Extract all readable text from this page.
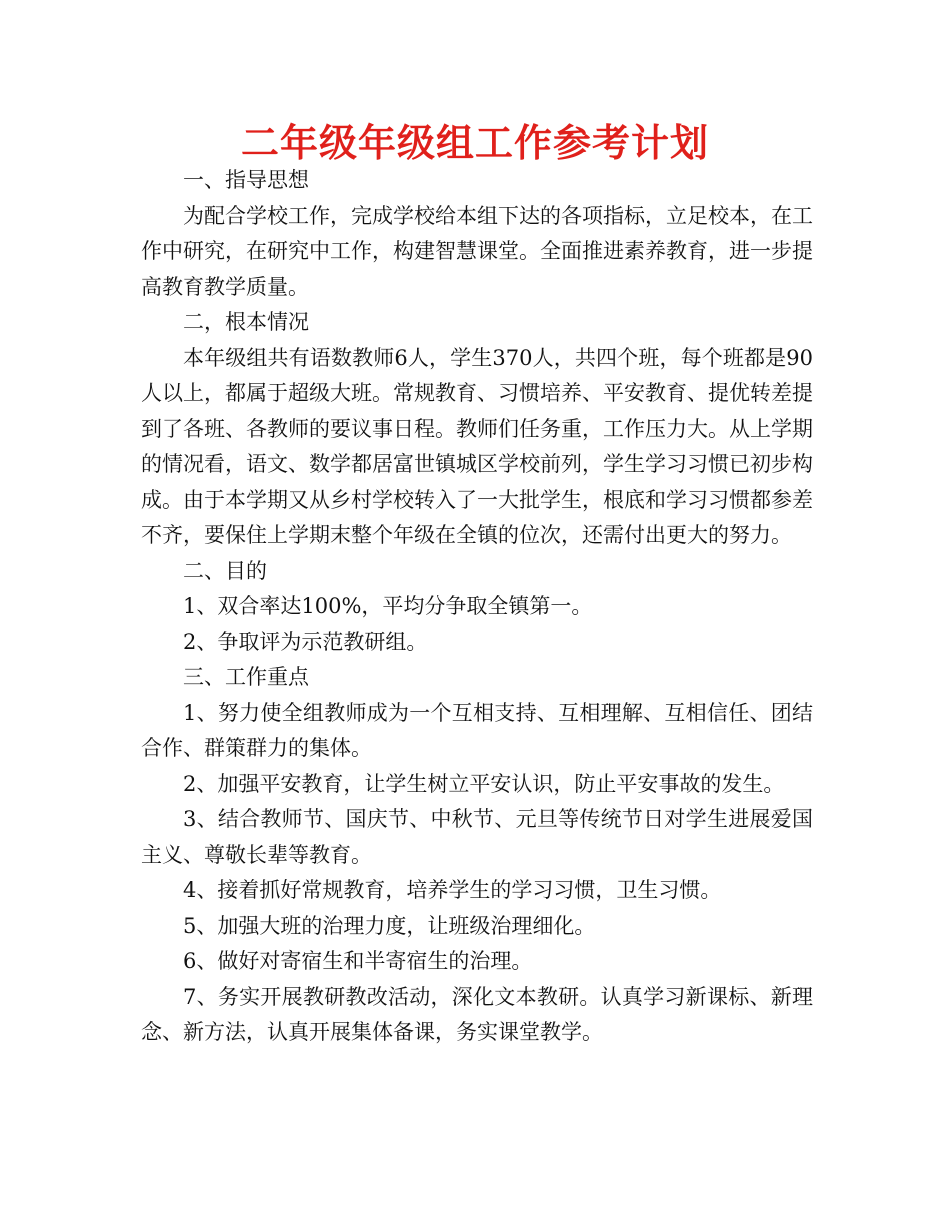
二年级年级组工作参考计划

一、指导思想

为配合学校工作，完成学校给本组下达的各项指标，立足校本，在工作中研究，在研究中工作，构建智慧课堂。全面推进素养教育，进一步提高教育教学质量。

二，根本情况

本年级组共有语数教师6人，学生370人，共四个班，每个班都是90人以上，都属于超级大班。常规教育、习惯培养、平安教育、提优转差提到了各班、各教师的要议事日程。教师们任务重，工作压力大。从上学期的情况看，语文、数学都居富世镇城区学校前列，学生学习习惯已初步构成。由于本学期又从乡村学校转入了一大批学生，根底和学习习惯都参差不齐，要保住上学期末整个年级在全镇的位次，还需付出更大的努力。

二、目的

1、双合率达100%，平均分争取全镇第一。

2、争取评为示范教研组。

三、工作重点

1、努力使全组教师成为一个互相支持、互相理解、互相信任、团结合作、群策群力的集体。

2、加强平安教育，让学生树立平安认识，防止平安事故的发生。

3、结合教师节、国庆节、中秋节、元旦等传统节日对学生进展爱国主义、尊敬长辈等教育。

4、接着抓好常规教育，培养学生的学习习惯，卫生习惯。

5、加强大班的治理力度，让班级治理细化。

6、做好对寄宿生和半寄宿生的治理。

7、务实开展教研教改活动，深化文本教研。认真学习新课标、新理念、新方法，认真开展集体备课，务实课堂教学。
